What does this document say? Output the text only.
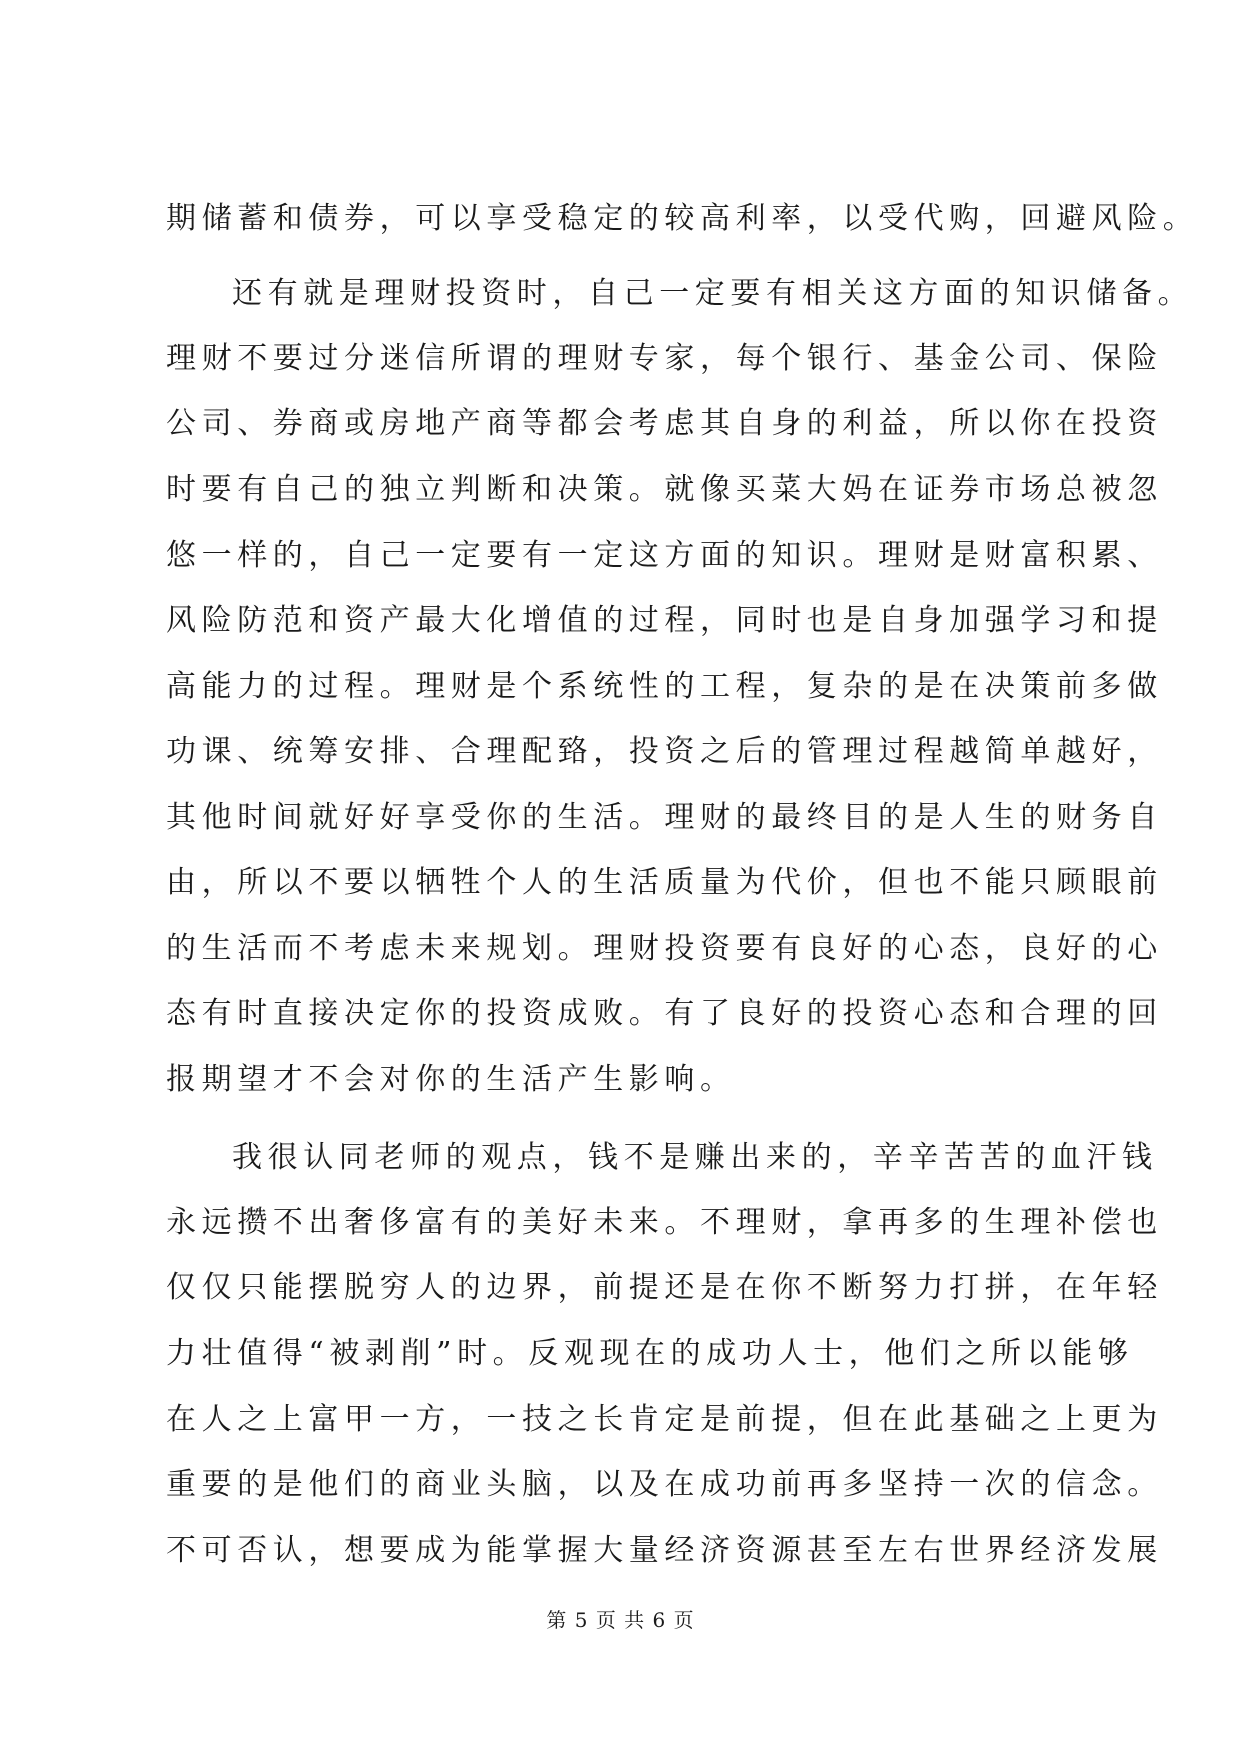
期储蓄和债券，可以享受稳定的较高利率，以受代购，回避风险。
还有就是理财投资时，自己一定要有相关这方面的知识储备。
理财不要过分迷信所谓的理财专家，每个银行、基金公司、保险
公司、券商或房地产商等都会考虑其自身的利益，所以你在投资
时要有自己的独立判断和决策。就像买菜大妈在证券市场总被忽
悠一样的，自己一定要有一定这方面的知识。理财是财富积累、
风险防范和资产最大化增值的过程，同时也是自身加强学习和提
高能力的过程。理财是个系统性的工程，复杂的是在决策前多做
功课、统筹安排、合理配臵，投资之后的管理过程越简单越好，
其他时间就好好享受你的生活。理财的最终目的是人生的财务自
由，所以不要以牺牲个人的生活质量为代价，但也不能只顾眼前
的生活而不考虑未来规划。理财投资要有良好的心态，良好的心
态有时直接决定你的投资成败。有了良好的投资心态和合理的回
报期望才不会对你的生活产生影响。
我很认同老师的观点，钱不是赚出来的，辛辛苦苦的血汗钱
永远攒不出奢侈富有的美好未来。不理财，拿再多的生理补偿也
仅仅只能摆脱穷人的边界，前提还是在你不断努力打拼，在年轻
力壮值得“被剥削”时。反观现在的成功人士，他们之所以能够
在人之上富甲一方，一技之长肯定是前提，但在此基础之上更为
重要的是他们的商业头脑，以及在成功前再多坚持一次的信念。
不可否认，想要成为能掌握大量经济资源甚至左右世界经济发展
第 5 页 共 6 页
